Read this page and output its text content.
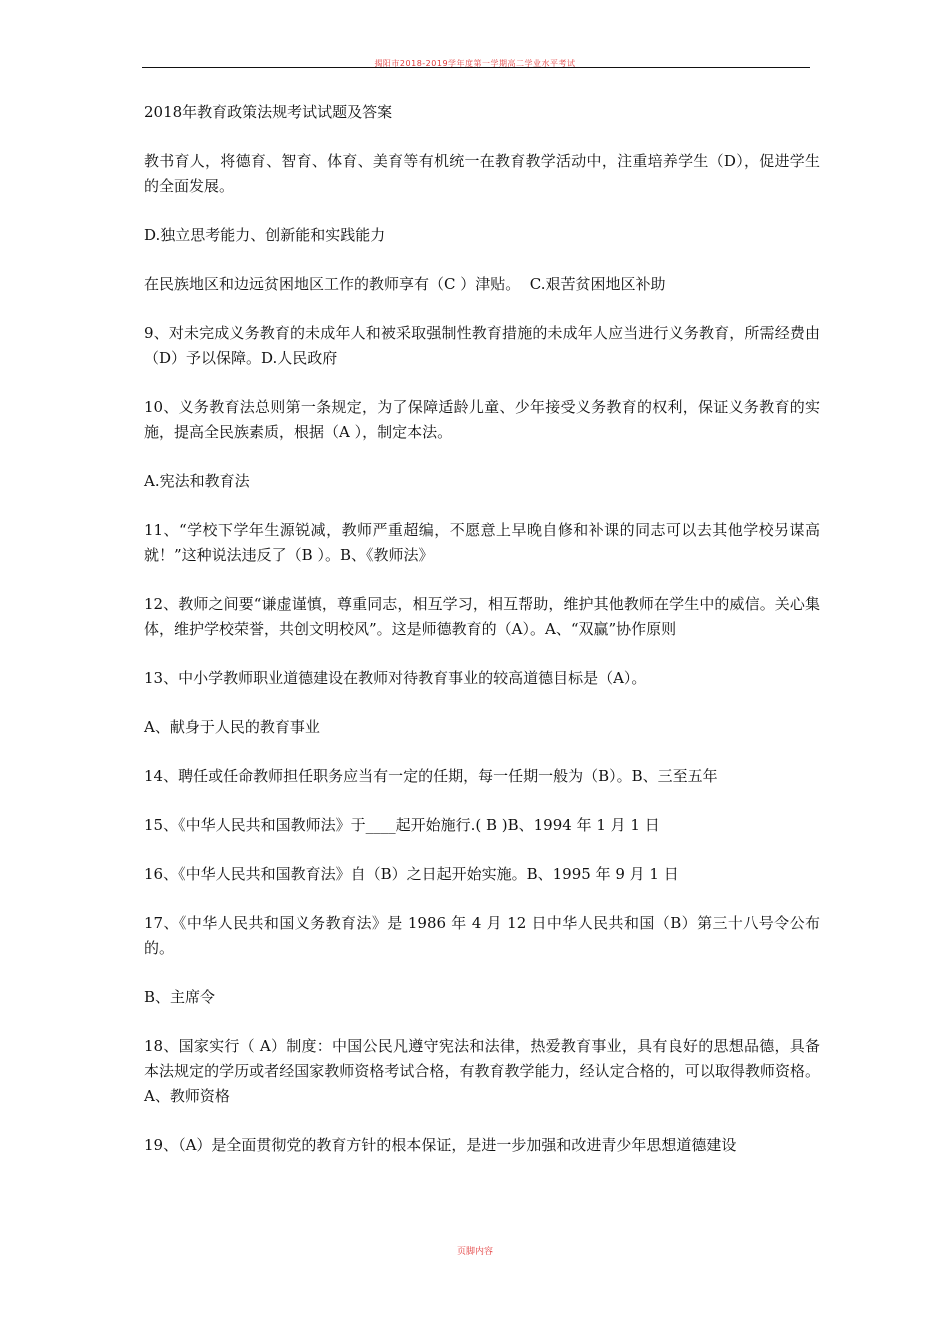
揭阳市2018-2019学年度第一学期高二学业水平考试

2018年教育政策法规考试试题及答案

教书育人，将德育、智育、体育、美育等有机统一在教育教学活动中，注重培养学生（D），促进学生的全面发展。

D.独立思考能力、创新能和实践能力

在民族地区和边远贫困地区工作的教师享有（C ）津贴。  C.艰苦贫困地区补助

9、对未完成义务教育的未成年人和被采取强制性教育措施的未成年人应当进行义务教育，所需经费由（D）予以保障。D.人民政府

10、义务教育法总则第一条规定，为了保障适龄儿童、少年接受义务教育的权利，保证义务教育的实施，提高全民族素质，根据（A ），制定本法。

A.宪法和教育法

11、“学校下学年生源锐减，教师严重超编，不愿意上早晚自修和补课的同志可以去其他学校另谋高就！”这种说法违反了（B ）。B、《教师法》

12、教师之间要“谦虚谨慎，尊重同志，相互学习，相互帮助，维护其他教师在学生中的威信。关心集体，维护学校荣誉，共创文明校风”。这是师德教育的（A）。A、“双赢”协作原则

13、中小学教师职业道德建设在教师对待教育事业的较高道德目标是（A）。

A、献身于人民的教育事业

14、聘任或任命教师担任职务应当有一定的任期，每一任期一般为（B）。B、三至五年

15、《中华人民共和国教师法》于____起开始施行.( B )B、1994 年 1 月 1 日

16、《中华人民共和国教育法》自（B）之日起开始实施。B、1995 年 9 月 1 日

17、《中华人民共和国义务教育法》是 1986 年 4 月 12 日中华人民共和国（B）第三十八号令公布的。

B、主席令

18、国家实行（ A）制度：中国公民凡遵守宪法和法律，热爱教育事业，具有良好的思想品德，具备本法规定的学历或者经国家教师资格考试合格，有教育教学能力，经认定合格的，可以取得教师资格。A、教师资格

19、（A）是全面贯彻党的教育方针的根本保证，是进一步加强和改进青少年思想道德建设

页脚内容
